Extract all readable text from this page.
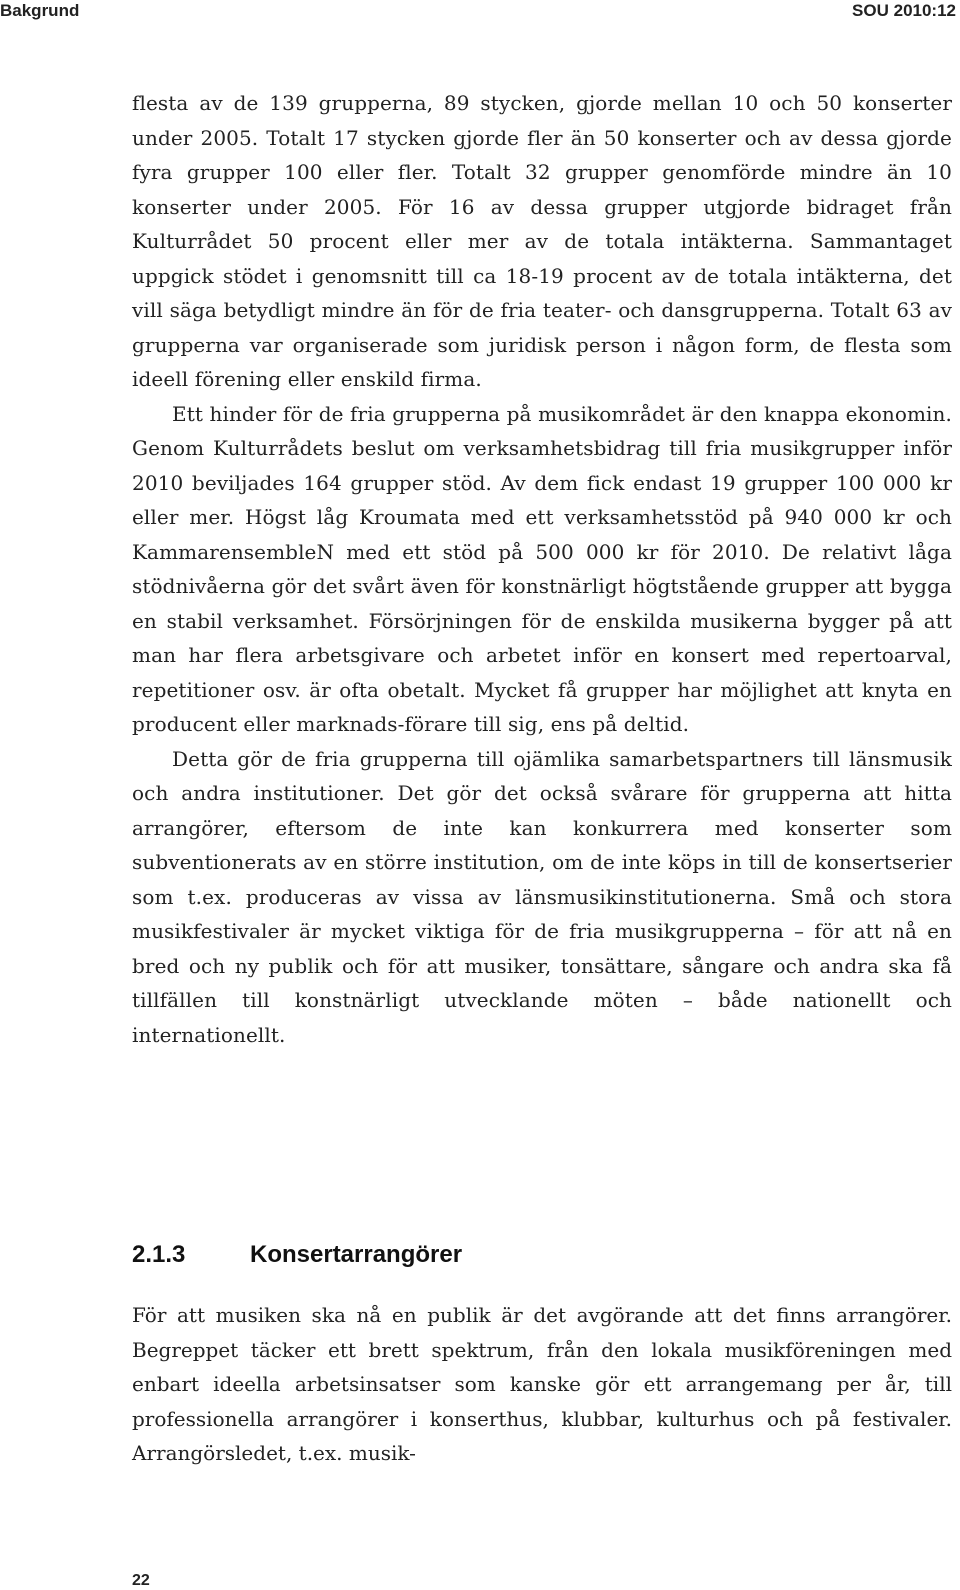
Bakgrund	SOU 2010:12

flesta av de 139 grupperna, 89 stycken, gjorde mellan 10 och 50 konserter under 2005. Totalt 17 stycken gjorde fler än 50 konserter och av dessa gjorde fyra grupper 100 eller fler. Totalt 32 grupper genomförde mindre än 10 konserter under 2005. För 16 av dessa grupper utgjorde bidraget från Kulturrådet 50 procent eller mer av de totala intäkterna. Sammantaget uppgick stödet i genomsnitt till ca 18-19 procent av de totala intäkterna, det vill säga betydligt mindre än för de fria teater- och dansgrupperna. Totalt 63 av grupperna var organiserade som juridisk person i någon form, de flesta som ideell förening eller enskild firma.

Ett hinder för de fria grupperna på musikområdet är den knappa ekonomin. Genom Kulturrådets beslut om verksamhetsbidrag till fria musikgrupper inför 2010 beviljades 164 grupper stöd. Av dem fick endast 19 grupper 100 000 kr eller mer. Högst låg Kroumata med ett verksamhetsstöd på 940 000 kr och KammarensembleN med ett stöd på 500 000 kr för 2010. De relativt låga stödnivåerna gör det svårt även för konstnärligt högtstående grupper att bygga en stabil verksamhet. Försörjningen för de enskilda musikerna bygger på att man har flera arbetsgivare och arbetet inför en konsert med repertoarval, repetitioner osv. är ofta obetalt. Mycket få grupper har möjlighet att knyta en producent eller marknads-förare till sig, ens på deltid.

Detta gör de fria grupperna till ojämlika samarbetspartners till länsmusik och andra institutioner. Det gör det också svårare för grupperna att hitta arrangörer, eftersom de inte kan konkurrera med konserter som subventionerats av en större institution, om de inte köps in till de konsertserier som t.ex. produceras av vissa av länsmusikinstitutionerna. Små och stora musikfestivaler är mycket viktiga för de fria musikgrupperna – för att nå en bred och ny publik och för att musiker, tonsättare, sångare och andra ska få tillfällen till konstnärligt utvecklande möten – både nationellt och internationellt.

2.1.3	Konsertarrangörer

För att musiken ska nå en publik är det avgörande att det finns arrangörer. Begreppet täcker ett brett spektrum, från den lokala musikföreningen med enbart ideella arbetsinsatser som kanske gör ett arrangemang per år, till professionella arrangörer i konserthus, klubbar, kulturhus och på festivaler. Arrangörsledet, t.ex. musik-

22
